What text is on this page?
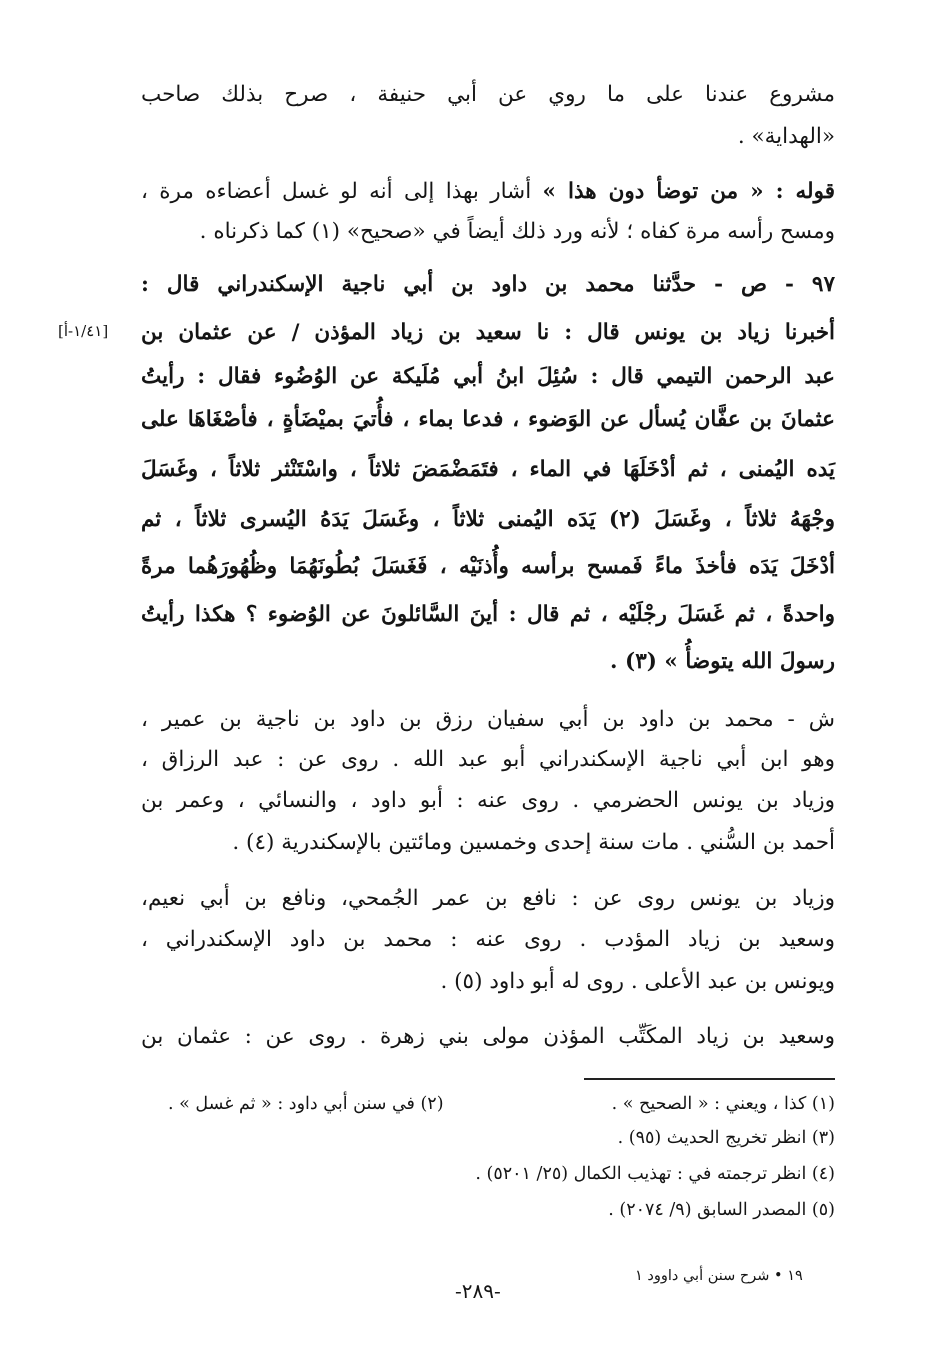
مشروع عندنا على ما روي عن أبي حنيفة ، صرح بذلك صاحب
«الهداية» .
قوله : « من توضأ دون هذا » أشار بهذا إلى أنه لو غسل أعضاءه مرة ،
ومسح رأسه مرة كفاه ؛ لأنه ورد ذلك أيضاً في «صحيح» (١) كما ذكرناه .
٩٧ - ص - حدَّثنا محمد بن داود بن أبي ناجية الإسكندراني قال :
أخبرنا زياد بن يونس قال : نا سعيد بن زياد المؤذن / عن عثمان بن
عبد الرحمن التيمي قال : سُئِلَ ابنُ أبي مُلَيكة عن الوُضُوء فقال : رأيتُ
عثمانَ بن عفَّان يُسأل عن الوَضوء ، فدعا بماء ، فأُتيَ بميْضَأةٍ ، فأصْغَاهَا على
يَده اليُمنى ، ثم أدْخَلَهَا في الماء ، فتَمَضْمَضَ ثلاثاً ، واسْتَنْثر ثلاثاً ، وغَسَلَ
وجْهَهُ ثلاثاً ، وغَسَلَ (٢) يَدَه اليُمنى ثلاثاً ، وغَسَلَ يَدَهُ اليُسرى ثلاثاً ، ثم
أدْخَلَ يَدَه فأخذَ ماءً فَمسح برأسه وأُذنَيْه ، فَغَسَلَ بُطُونَهُمَا وظُهُورَهُما مرةً
واحدةً ، ثم غَسَلَ رجْلَيْه ، ثم قال : أينَ السَّائلونَ عن الوُضوء ؟ هكذا رأيتُ
رسولَ الله يتوضأُ » (٣) .
[١/٤١-أ]
ش - محمد بن داود بن أبي سفيان رزق بن داود بن ناجية بن عمير ،
وهو ابن أبي ناجية الإسكندراني أبو عبد الله . روى عن : عبد الرزاق ،
وزياد بن يونس الحضرمي . روى عنه : أبو داود ، والنسائي ، وعمر بن
أحمد بن السُّني . مات سنة إحدى وخمسين ومائتين بالإسكندرية (٤) .
وزياد بن يونس روى عن : نافع بن عمر الجُمحي، ونافع بن أبي نعيم،
وسعيد بن زياد المؤدب . روى عنه : محمد بن داود الإسكندراني ،
ويونس بن عبد الأعلى . روى له أبو داود (٥) .
وسعيد بن زياد المكَتِّب المؤذن مولى بني زهرة . روى عن : عثمان بن
(١) كذا ، ويعني : « الصحيح » .
(٢) في سنن أبي داود : « ثم غسل » .
(٣) انظر تخريج الحديث (٩٥) .
(٤) انظر ترجمته في : تهذيب الكمال (٢٥/ ٥٢٠١) .
(٥) المصدر السابق (٩/ ٢٠٧٤) .
١٩ • شرح سنن أبي داوود ١
-٢٨٩-
